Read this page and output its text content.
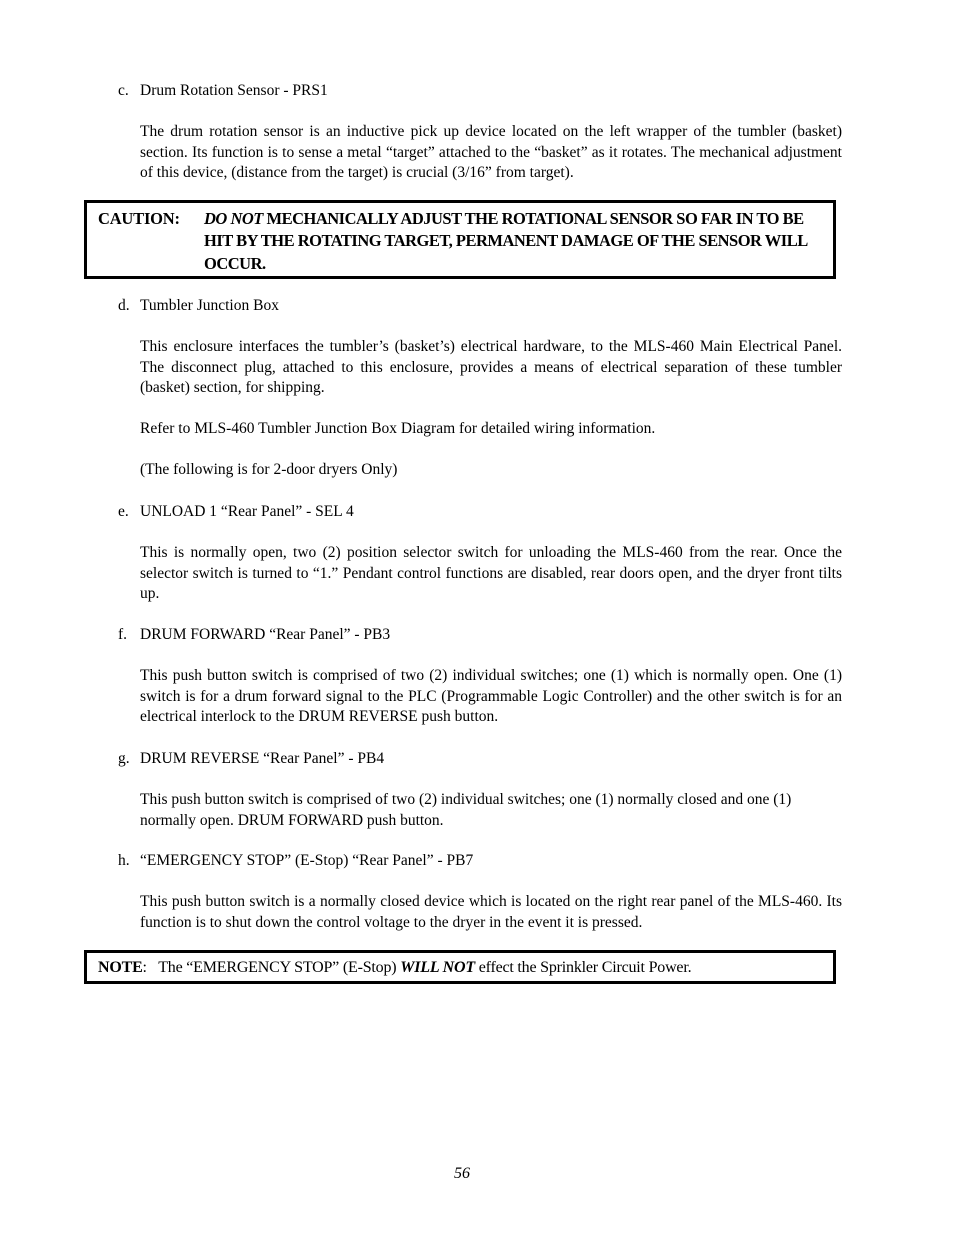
c. Drum Rotation Sensor - PRS1

The drum rotation sensor is an inductive pick up device located on the left wrapper of the tumbler (basket) section. Its function is to sense a metal “target” attached to the “basket” as it rotates. The mechanical adjustment of this device, (distance from the target) is crucial (3/16” from target).

CAUTION: DO NOT MECHANICALLY ADJUST THE ROTATIONAL SENSOR SO FAR IN TO BE HIT BY THE ROTATING TARGET, PERMANENT DAMAGE OF THE SENSOR WILL OCCUR.
d. Tumbler Junction Box

This enclosure interfaces the tumbler’s (basket’s) electrical hardware, to the MLS-460 Main Electrical Panel. The disconnect plug, attached to this enclosure, provides a means of electrical separation of these tumbler (basket) section, for shipping.

Refer to MLS-460 Tumbler Junction Box Diagram for detailed wiring information.

(The following is for 2-door dryers Only)

e. UNLOAD 1 “Rear Panel” - SEL 4

This is normally open, two (2) position selector switch for unloading the MLS-460 from the rear. Once the selector switch is turned to “1.” Pendant control functions are disabled, rear doors open, and the dryer front tilts up.

f. DRUM FORWARD “Rear Panel” - PB3

This push button switch is comprised of two (2) individual switches; one (1) which is normally open. One (1) switch is for a drum forward signal to the PLC (Programmable Logic Controller) and the other switch is for an electrical interlock to the DRUM REVERSE push button.

g. DRUM REVERSE “Rear Panel” - PB4

This push button switch is comprised of two (2) individual switches; one (1) normally closed and one (1) normally open. DRUM FORWARD push button.

h. “EMERGENCY STOP” (E-Stop) “Rear Panel” - PB7

This push button switch is a normally closed device which is located on the right rear panel of the MLS-460. Its function is to shut down the control voltage to the dryer in the event it is pressed.

NOTE: The “EMERGENCY STOP” (E-Stop) WILL NOT effect the Sprinkler Circuit Power.
56
